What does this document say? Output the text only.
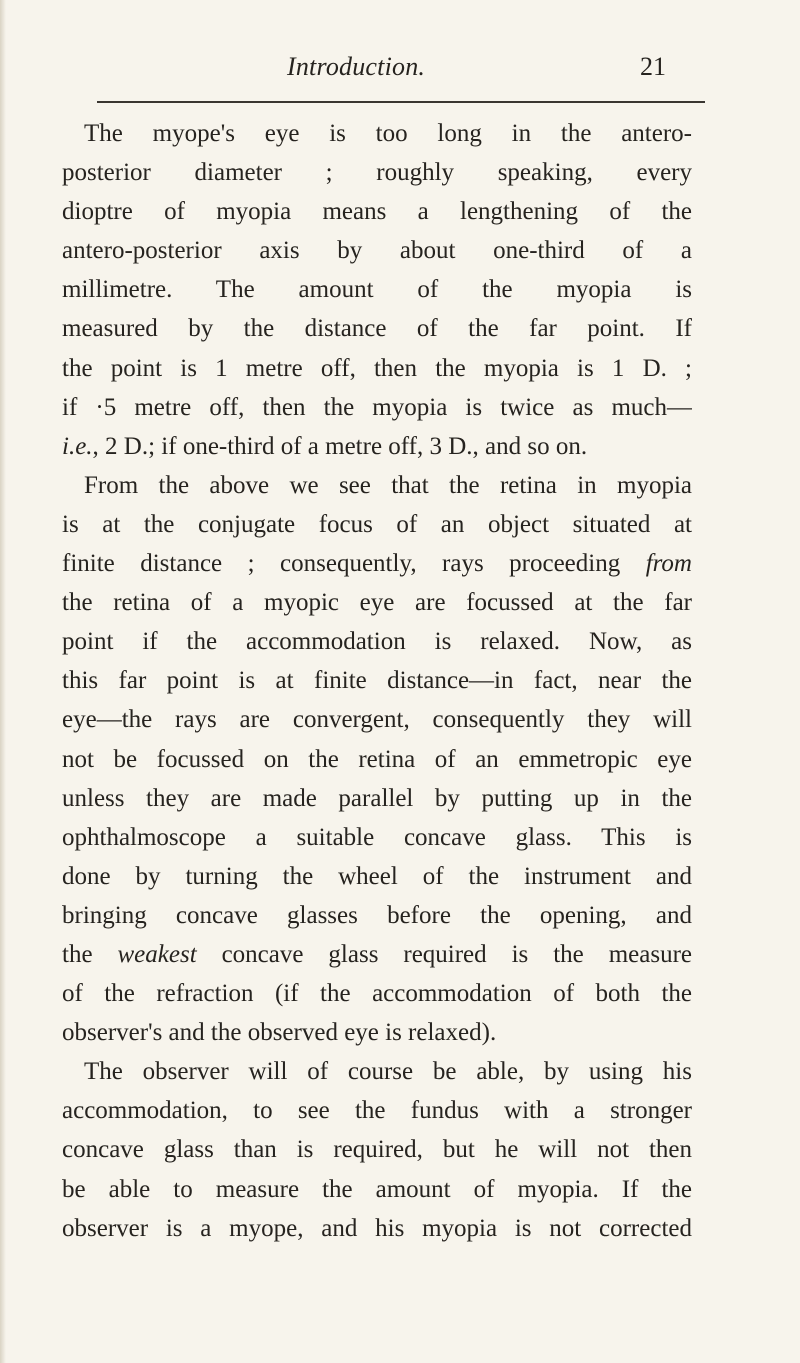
Introduction.	21

The myope's eye is too long in the antero-
posterior diameter ; roughly speaking, every
dioptre of myopia means a lengthening of the
antero-posterior axis by about one-third of a
millimetre. The amount of the myopia is
measured by the distance of the far point. If
the point is 1 metre off, then the myopia is 1 D. ;
if ·5 metre off, then the myopia is twice as much—
i.e., 2 D.; if one-third of a metre off, 3 D., and so on.
From the above we see that the retina in myopia
is at the conjugate focus of an object situated at
finite distance ; consequently, rays proceeding from
the retina of a myopic eye are focussed at the far
point if the accommodation is relaxed. Now, as
this far point is at finite distance—in fact, near the
eye—the rays are convergent, consequently they will
not be focussed on the retina of an emmetropic eye
unless they are made parallel by putting up in the
ophthalmoscope a suitable concave glass. This is
done by turning the wheel of the instrument and
bringing concave glasses before the opening, and
the weakest concave glass required is the measure
of the refraction (if the accommodation of both the
observer's and the observed eye is relaxed).
The observer will of course be able, by using his
accommodation, to see the fundus with a stronger
concave glass than is required, but he will not then
be able to measure the amount of myopia. If the
observer is a myope, and his myopia is not corrected
